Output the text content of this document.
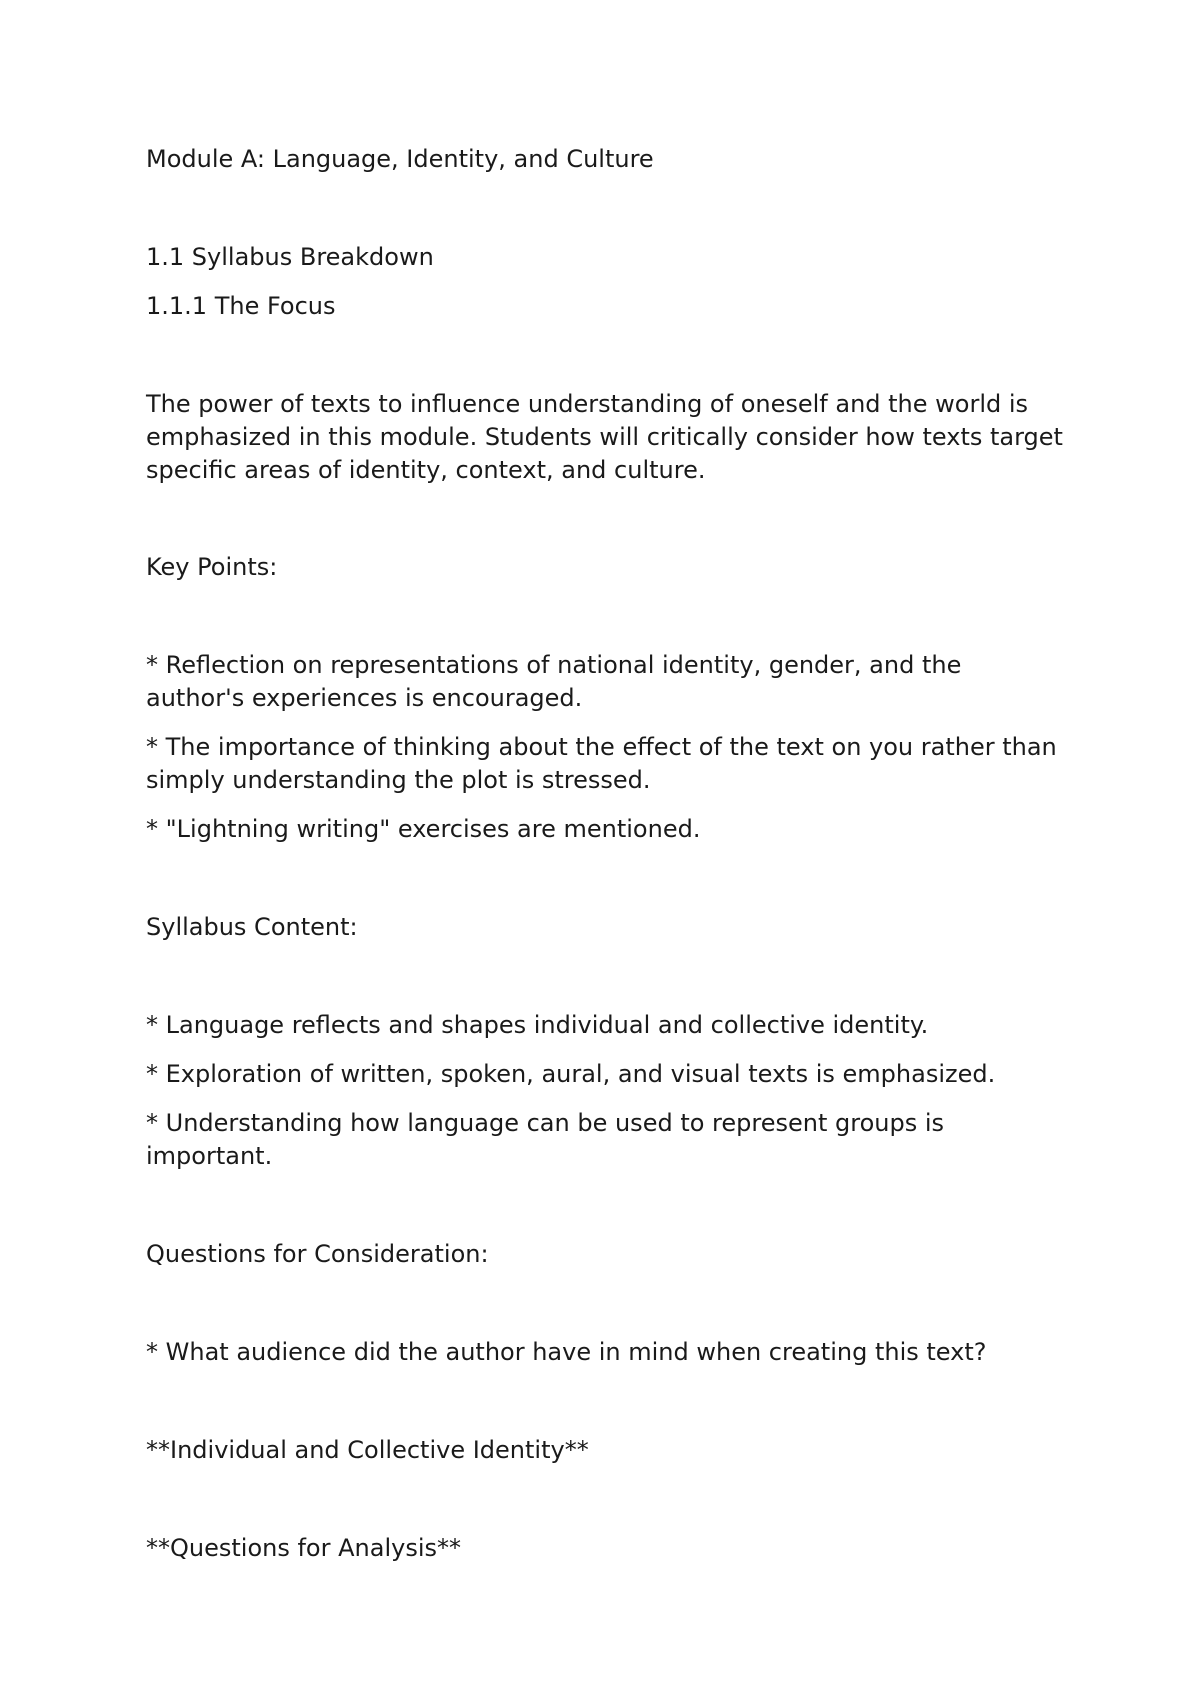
Module A: Language, Identity, and Culture

1.1 Syllabus Breakdown

1.1.1 The Focus

The power of texts to influence understanding of oneself and the world is emphasized in this module. Students will critically consider how texts target specific areas of identity, context, and culture.

Key Points:

* Reflection on representations of national identity, gender, and the author's experiences is encouraged.

* The importance of thinking about the effect of the text on you rather than simply understanding the plot is stressed.

* "Lightning writing" exercises are mentioned.

Syllabus Content:

* Language reflects and shapes individual and collective identity.

* Exploration of written, spoken, aural, and visual texts is emphasized.

* Understanding how language can be used to represent groups is important.

Questions for Consideration:

* What audience did the author have in mind when creating this text?

**Individual and Collective Identity**

**Questions for Analysis**
